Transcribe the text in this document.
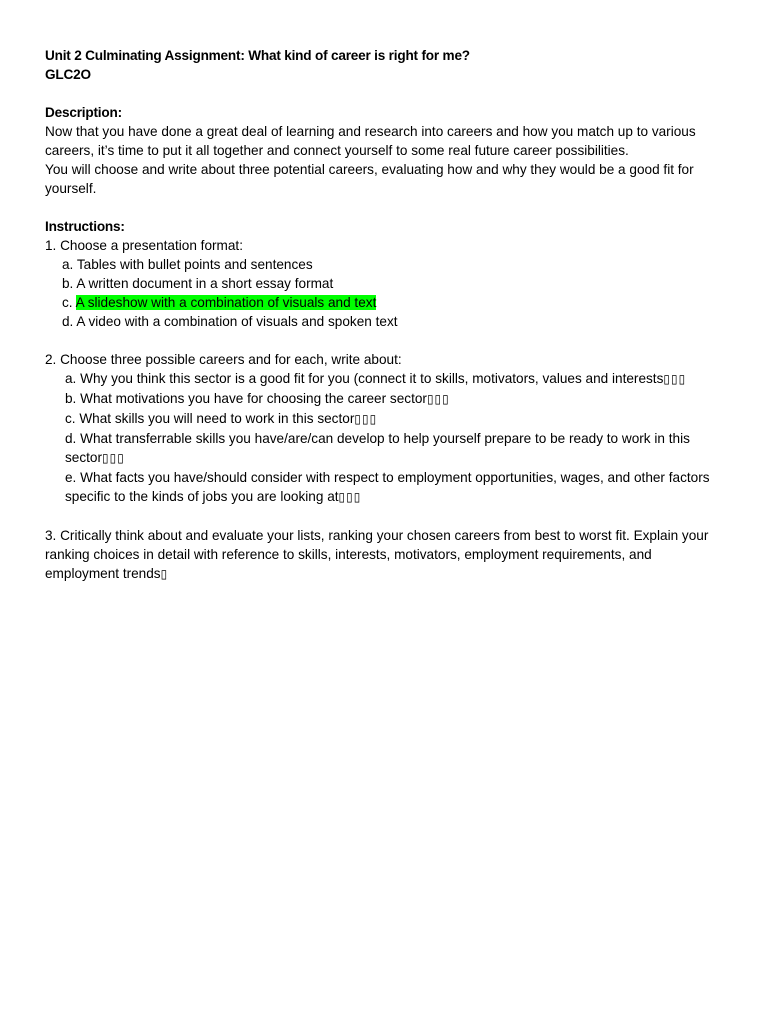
Unit 2 Culminating Assignment: What kind of career is right for me?
GLC2O
Description:

Now that you have done a great deal of learning and research into careers and how you match up to various careers, it’s time to put it all together and connect yourself to some real future career possibilities.

You will choose and write about three potential careers, evaluating how and why they would be a good fit for yourself.

Instructions:
1. Choose a presentation format:
a. Tables with bullet points and sentences
b. A written document in a short essay format
c. A slideshow with a combination of visuals and text
d. A video with a combination of visuals and spoken text
2. Choose three possible careers and for each, write about:
a. Why you think this sector is a good fit for you (connect it to skills, motivators, values and interests▯▯▯
b. What motivations you have for choosing the career sector▯▯▯
c. What skills you will need to work in this sector▯▯▯
d. What transferrable skills you have/are/can develop to help yourself prepare to be ready to work in this sector▯▯▯
e. What facts you have/should consider with respect to employment opportunities, wages, and other factors specific to the kinds of jobs you are looking at▯▯▯
3. Critically think about and evaluate your lists, ranking your chosen careers from best to worst fit. Explain your ranking choices in detail with reference to skills, interests, motivators, employment requirements, and employment trends▯
